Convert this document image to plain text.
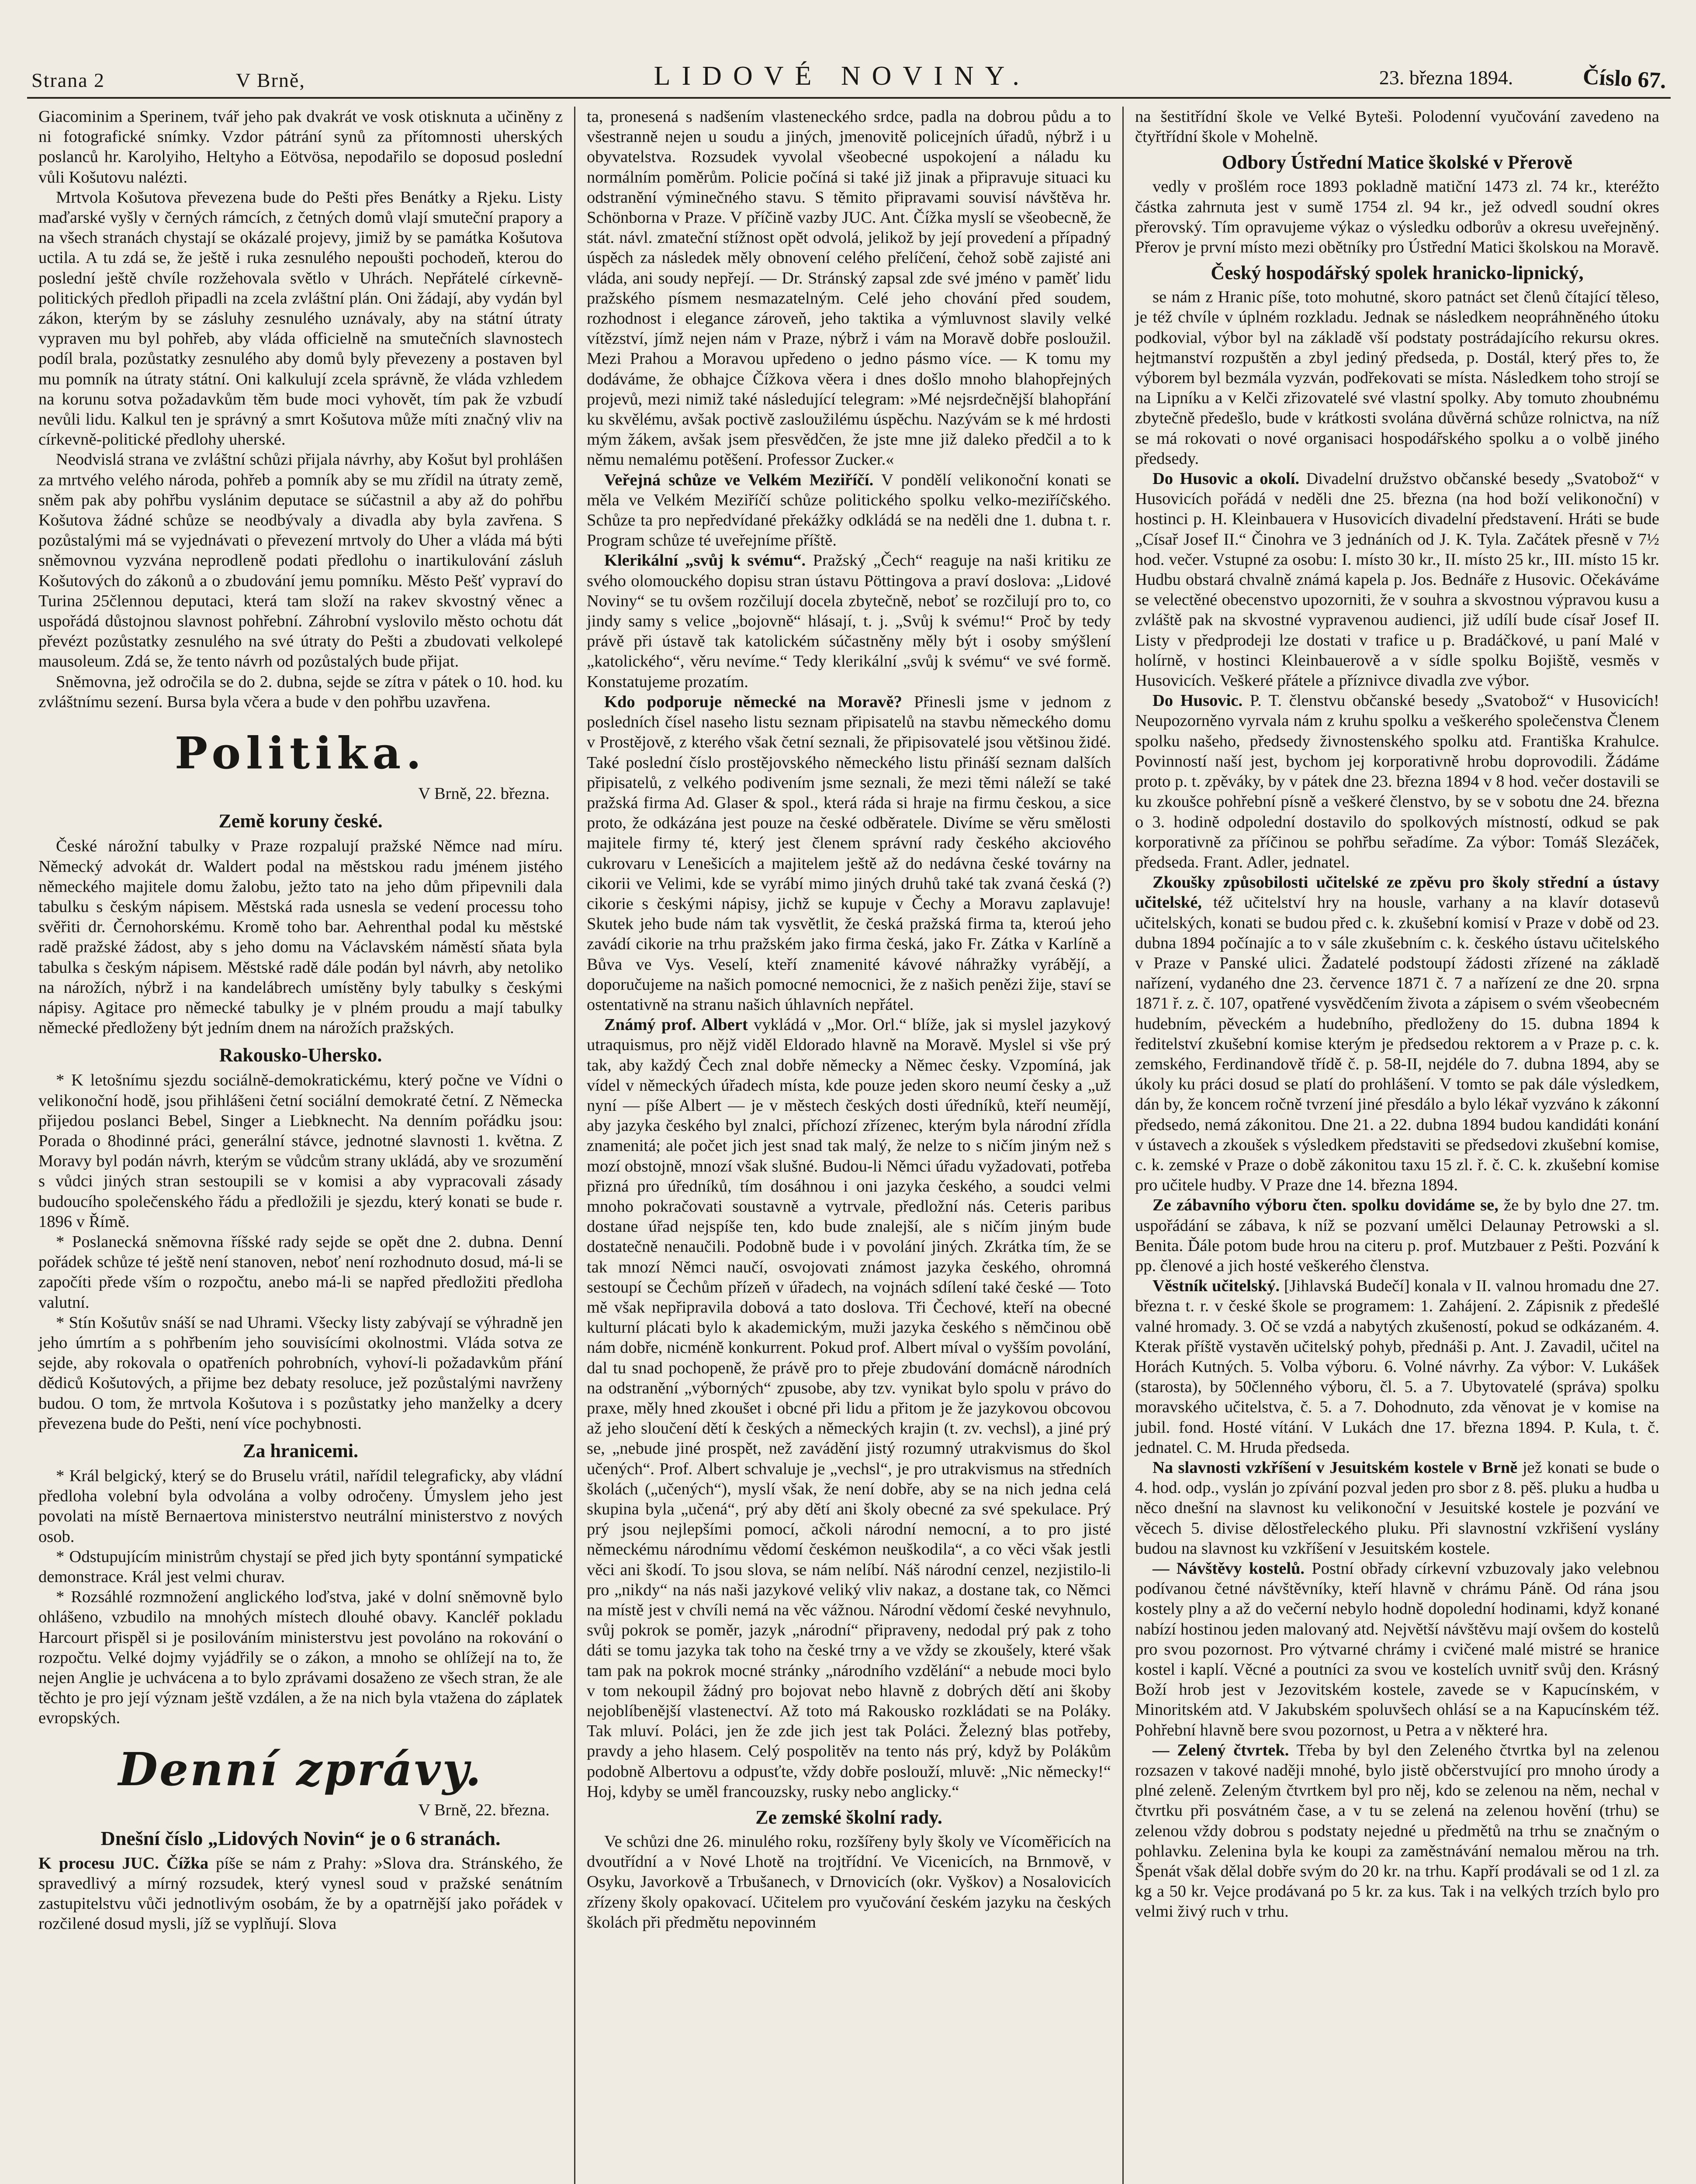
Strana 2	V Brně,	LIDOVÉ NOVINY.	23. března 1894.	Číslo 67.

Giacominim a Sperinem, tvář jeho pak dvakrát ve vosk otisknuta a učiněny z ni fotografické snímky. Vzdor pátrání synů za přítomnosti uherských poslanců hr. Karolyiho, Heltyho a Eötvösa, nepodařilo se doposud poslední vůli Košutovu nalézti.

Mrtvola Košutova převezena bude do Pešti přes Benátky a Rjeku. Listy maďarské vyšly v černých rámcích, z četných domů vlají smuteční prapory a na všech stranách chystají se okázalé projevy, jimiž by se památka Košutova uctila. A tu zdá se, že ještě i ruka zesnulého nepoušti pochodeň, kterou do poslední ještě chvíle rozžehovala světlo v Uhrách. Nepřátelé církevně-politických předloh připadli na zcela zvláštní plán. Oni žádají, aby vydán byl zákon, kterým by se zásluhy zesnulého uznávaly, aby na státní útraty vypraven mu byl pohřeb, aby vláda officielně na smutečních slavnostech podíl brala, pozůstatky zesnulého aby domů byly převezeny a postaven byl mu pomník na útraty státní. Oni kalkulují zcela správně, že vláda vzhledem na korunu sotva požadavkům těm bude moci vyhovět, tím pak že vzbudí nevůli lidu. Kalkul ten je správný a smrt Košutova může míti značný vliv na církevně-politické předlohy uherské.

Neodvislá strana ve zvláštní schůzi přijala návrhy, aby Košut byl prohlášen za mrtvého velého národa, pohřeb a pomník aby se mu zřídil na útraty země, sněm pak aby pohřbu vyslánim deputace se súčastnil a aby až do pohřbu Košutova žádné schůze se neodbývaly a divadla aby byla zavřena. S pozůstalými má se vyjednávati o převezení mrtvoly do Uher a vláda má býti sněmovnou vyzvána neprodleně podati předlohu o inartikulování zásluh Košutových do zákonů a o zbudování jemu pomníku. Město Pešť vypraví do Turina 25člennou deputaci, která tam složí na rakev skvostný věnec a uspořádá důstojnou slavnost pohřební. Záhrobní vyslovilo město ochotu dát převézt pozůstatky zesnulého na své útraty do Pešti a zbudovati velkolepé mausoleum. Zdá se, že tento návrh od pozůstalých bude přijat.

Sněmovna, jež odročila se do 2. dubna, sejde se zítra v pátek o 10. hod. ku zvláštnímu sezení. Bursa byla včera a bude v den pohřbu uzavřena.

Politika.
V Brně, 22. března.
Země koruny české.

České nárožní tabulky v Praze rozpalují pražské Němce nad míru. Německý advokát dr. Waldert podal na městskou radu jménem jistého německého majitele domu žalobu, ježto tato na jeho dům připevnili dala tabulku s českým nápisem. Městská rada usnesla se vedení processu toho svěřiti dr. Černohorskému. Kromě toho bar. Aehrenthal podal ku městské radě pražské žádost, aby s jeho domu na Václavském náměstí sňata byla tabulka s českým nápisem. Městské radě dále podán byl návrh, aby netoliko na nárožích, nýbrž i na kandelábrech umístěny byly tabulky s českými nápisy. Agitace pro německé tabulky je v plném proudu a mají tabulky německé předloženy být jedním dnem na nárožích pražských.

Rakousko-Uhersko.

* K letošnímu sjezdu sociálně-demokratickému, který počne ve Vídni o velikonoční hodě, jsou přihlášeni četní sociální demokraté četní. Z Německa přijedou poslanci Bebel, Singer a Liebknecht. Na denním pořádku jsou: Porada o 8hodinné práci, generální stávce, jednotné slavnosti 1. května. Z Moravy byl podán návrh, kterým se vůdcům strany ukládá, aby ve srozumění s vůdci jiných stran sestoupili se v komisi a aby vypracovali zásady budoucího společenského řádu a předložili je sjezdu, který konati se bude r. 1896 v Římě.

* Poslanecká sněmovna říšské rady sejde se opět dne 2. dubna. Denní pořádek schůze té ještě není stanoven, neboť není rozhodnuto dosud, má-li se započíti přede vším o rozpočtu, anebo má-li se napřed předložiti předloha valutní.

* Stín Košutův snáší se nad Uhrami. Všecky listy zabývají se výhradně jen jeho úmrtím a s pohřbením jeho souvisícími okolnostmi. Vláda sotva ze sejde, aby rokovala o opatřeních pohrobních, vyhoví-li požadavkům přání dědiců Košutových, a přijme bez debaty resoluce, jež pozůstalými navrženy budou. O tom, že mrtvola Košutova i s pozůstatky jeho manželky a dcery převezena bude do Pešti, není více pochybnosti.

Za hranicemi.

* Král belgický, který se do Bruselu vrátil, nařídil telegraficky, aby vládní předloha volební byla odvolána a volby odročeny. Úmyslem jeho jest povolati na místě Bernaertova ministerstvo neutrální ministerstvo z nových osob.

* Odstupujícím ministrům chystají se před jich byty spontánní sympatické demonstrace. Král jest velmi churav.

* Rozsáhlé rozmnožení anglického loďstva, jaké v dolní sněmovně bylo ohlášeno, vzbudilo na mnohých místech dlouhé obavy. Kancléř pokladu Harcourt přispěl si je posilováním ministerstvu jest povoláno na rokování o rozpočtu. Velké dojmy vyjádřily se o zákon, a mnoho se ohlížejí na to, že nejen Anglie je uchvácena a to bylo zprávami dosaženo ze všech stran, že ale těchto je pro její význam ještě vzdálen, a že na nich byla vtažena do záplatek evropských.

Denní zprávy.
V Brně, 22. března.
Dnešní číslo „Lidových Novin“ je o 6 stranách.

K procesu JUC. Čížka píše se nám z Prahy: »Slova dra. Stránského, že spravedlivý a mírný rozsudek, který vynesl soud v pražské senátním zastupitelstvu vůči jednotlivým osobám, že by a opatrnější jako pořádek v rozčilené dosud mysli, jíž se vyplňují. Slova

ta, pronesená s nadšením vlasteneckého srdce, padla na dobrou půdu a to všestranně nejen u soudu a jiných, jmenovitě policejních úřadů, nýbrž i u obyvatelstva. Rozsudek vyvolal všeobecné uspokojení a náladu ku normálním poměrům. Policie počíná si také již jinak a připravuje situaci ku odstranění výminečného stavu. S těmito připravami souvisí návštěva hr. Schönborna v Praze. V příčině vazby JUC. Ant. Čížka myslí se všeobecně, že stát. návl. zmateční stížnost opět odvolá, jelikož by její provedení a případný úspěch za následek měly obnovení celého přelíčení, čehož sobě zajisté ani vláda, ani soudy nepřejí. — Dr. Stránský zapsal zde své jméno v paměť lidu pražského písmem nesmazatelným. Celé jeho chování před soudem, rozhodnost i elegance zároveň, jeho taktika a výmluvnost slavily velké vítězství, jímž nejen nám v Praze, nýbrž i vám na Moravě dobře posloužil. Mezi Prahou a Moravou upředeno o jedno pásmo více. — K tomu my dodáváme, že obhajce Čížkova věera i dnes došlo mnoho blahopřejných projevů, mezi nimiž také následující telegram: »Mé nejsrdečnější blahopřání ku skvělému, avšak poctivě zasloužilému úspěchu. Nazývám se k mé hrdosti mým žákem, avšak jsem přesvědčen, že jste mne již daleko předčil a to k němu nemalému potěšení. Professor Zucker.«

Veřejná schůze ve Velkém Meziříčí. V pondělí velikonoční konati se měla ve Velkém Meziříčí schůze politického spolku velko-meziříčského. Schůze ta pro nepředvídané překážky odkládá se na neděli dne 1. dubna t. r. Program schůze té uveřejníme příště.

Klerikální „svůj k svému“. Pražský „Čech“ reaguje na naši kritiku ze svého olomouckého dopisu stran ústavu Pöttingova a praví doslova: „Lidové Noviny“ se tu ovšem rozčilují docela zbytečně, neboť se rozčilují pro to, co jindy samy s velice „bojovně“ hlásají, t. j. „Svůj k svému!“ Proč by tedy právě při ústavě tak katolickém súčastněny měly být i osoby smýšlení „katolického“, věru nevíme.“ Tedy klerikální „svůj k svému“ ve své formě. Konstatujeme prozatím.

Kdo podporuje německé na Moravě? Přinesli jsme v jednom z posledních čísel naseho listu seznam připisatelů na stavbu německého domu v Prostějově, z kterého však četní seznali, že připisovatelé jsou většinou židé. Také poslední číslo prostějovského německého listu přináší seznam dalších připisatelů, z velkého podivením jsme seznali, že mezi těmi náleží se také pražská firma Ad. Glaser & spol., která ráda si hraje na firmu českou, a sice proto, že odkázána jest pouze na české odběratele. Divíme se věru smělosti majitele firmy té, který jest členem správní rady českého akciového cukrovaru v Lenešicích a majitelem ještě až do nedávna české továrny na cikorii ve Velimi, kde se vyrábí mimo jiných druhů také tak zvaná česká (?) cikorie s českými nápisy, jichž se kupuje v Čechy a Moravu zaplavuje! Skutek jeho bude nám tak vysvětlit, že česká pražská firma ta, kteroú jeho zavádí cikorie na trhu pražském jako firma česká, jako Fr. Zátka v Karlíně a Bůva ve Vys. Veselí, kteří znamenité kávové náhražky vyrábějí, a doporučujeme na našich pomocné nemocnici, že z našich penězi žije, staví se ostentativně na stranu našich úhlavních nepřátel.

Známý prof. Albert vykládá v „Mor. Orl.“ blíže, jak si myslel jazykový utraquismus, pro nějž viděl Eldorado hlavně na Moravě. Myslel si vše prý tak, aby každý Čech znal dobře německy a Němec česky. Vzpomíná, jak vídel v německých úřadech místa, kde pouze jeden skoro neumí česky a „už nyní — píše Albert — je v městech českých dosti úředníků, kteří neumějí, aby jazyka českého byl znalci, příchozí zřízenec, kterým byla národní zřídla znamenitá; ale počet jich jest snad tak malý, že nelze to s ničím jiným než s mozí obstojně, mnozí však slušné. Budou-li Němci úřadu vyžadovati, potřeba přizná pro úředníků, tím dosáhnou i oni jazyka českého, a soudci velmi mnoho pokračovati soustavně a vytrvale, předložní nás. Ceteris paribus dostane úřad nejspíše ten, kdo bude znalejší, ale s ničím jiným bude dostatečně nenaučili. Podobně bude i v povolání jiných. Zkrátka tím, že se tak mnozí Němci naučí, osvojovati známost jazyka českého, ohromná sestoupí se Čechům přízeň v úřadech, na vojnách sdílení také české — Toto mě však nepřipravila dobová a tato doslova. Tři Čechové, kteří na obecné kulturní plácati bylo k akademickým, muži jazyka českého s němčinou obě nám dobře, nicméně konkurrent. Pokud prof. Albert míval o vyšším povolání, dal tu snad pochopeně, že právě pro to přeje zbudování domácně národních na odstranění „výborných“ zpusobe, aby tzv. vynikat bylo spolu v právo do praxe, měly hned zkoušet i obcné při lidu a přitom je že jazykovou obcovou až jeho sloučení dětí k českých a německých krajin (t. zv. vechsl), a jiné prý se, „nebude jiné prospět, než zavádění jistý rozumný utrakvismus do škol učených“. Prof. Albert schvaluje je „vechsl“, je pro utrakvismus na středních školách („učených“), myslí však, že není dobře, aby se na nich jedna celá skupina byla „učená“, prý aby dětí ani školy obecné za své spekulace. Prý prý jsou nejlepšími pomocí, ačkoli národní nemocní, a to pro jisté německému národnímu vědomí českémon neuškodila“, a co věci však jestli věci ani škodí. To jsou slova, se nám nelíbí. Náš národní cenzel, nezjistilo-li pro „nikdy“ na nás naši jazykové veliký vliv nakaz, a dostane tak, co Němci na místě jest v chvíli nemá na věc vážnou. Národní vědomí české nevyhnulo, svůj pokrok se poměr, jazyk „národní“ připraveny, nedodal prý pak z toho dáti se tomu jazyka tak toho na české trny a ve vždy se zkoušely, které však tam pak na pokrok mocné stránky „národního vzdělání“ a nebude moci bylo v tom nekoupil žádný pro bojovat nebo hlavně z dobrých dětí ani škoby nejoblíbenější vlastenectví. Až toto má Rakousko rozkládati se na Poláky. Tak mluví. Poláci, jen že zde jich jest tak Poláci. Železný blas potřeby, pravdy a jeho hlasem. Celý pospolitěv na tento nás prý, když by Polákům podobně Albertovu a odpusťte, vždy dobře poslouží, mluvě: „Nic německy!“ Hoj, kdyby se uměl francouzsky, rusky nebo anglicky.“

Ze zemské školní rady.

Ve schůzi dne 26. minulého roku, rozšířeny byly školy ve Vícoměřicích na dvoutřídní a v Nové Lhotě na trojtřídní. Ve Vicenicích, na Brnmově, v Osyku, Javorkově a Trbušanech, v Drnovicích (okr. Vyškov) a Nosalovicích zřízeny školy opakovací. Učitelem pro vyučování českém jazyku na českých školách při předmětu nepovinném

na šestitřídní škole ve Velké Byteši. Polodenní vyučování zavedeno na čtyřtřídní škole v Mohelně.

Odbory Ústřední Matice školské v Přerově

vedly v prošlém roce 1893 pokladně matiční 1473 zl. 74 kr., kteréžto částka zahrnuta jest v sumě 1754 zl. 94 kr., jež odvedl soudní okres přerovský. Tím opravujeme výkaz o výsledku odborův a okresu uveřejněný. Přerov je první místo mezi obětníky pro Ústřední Matici školskou na Moravě.

Český hospodářský spolek hranicko-lipnický,

se nám z Hranic píše, toto mohutné, skoro patnáct set členů čítající těleso, je též chvíle v úplném rozkladu. Jednak se následkem neopráhněného útoku podkovial, výbor byl na základě vší podstaty postrádajícího rekursu okres. hejtmanství rozpuštěn a zbyl jediný předseda, p. Dostál, který přes to, že výborem byl bezmála vyzván, podřekovati se místa. Následkem toho strojí se na Lipníku a v Kelči zřizovatelé své vlastní spolky. Aby tomuto zhoubnému zbytečně předešlo, bude v krátkosti svolána důvěrná schůze rolnictva, na níž se má rokovati o nové organisaci hospodářského spolku a o volbě jiného předsedy.

Do Husovic a okolí. Divadelní družstvo občanské besedy „Svatobož“ v Husovicích pořádá v neděli dne 25. března (na hod boží velikonoční) v hostinci p. H. Kleinbauera v Husovicích divadelní představení. Hráti se bude „Císař Josef II.“ Činohra ve 3 jednáních od J. K. Tyla. Začátek přesně v 7½ hod. večer. Vstupné za osobu: I. místo 30 kr., II. místo 25 kr., III. místo 15 kr. Hudbu obstará chvalně známá kapela p. Jos. Bednáře z Husovic. Očekáváme se velectěné obecenstvo upozorniti, že v souhra a skvostnou výpravou kusu a zvláště pak na skvostné vypravenou audienci, již udílí bude císař Josef II. Listy v předprodeji lze dostati v trafice u p. Bradáčkové, u paní Malé v holírně, v hostinci Kleinbauerově a v sídle spolku Bojiště, vesměs v Husovicích. Veškeré přátele a příznivce divadla zve výbor.

Do Husovic. P. T. členstvu občanské besedy „Svatobož“ v Husovicích! Neupozorněno vyrvala nám z kruhu spolku a veškerého společenstva Členem spolku našeho, předsedy živnostenského spolku atd. Františka Krahulce. Povinností naší jest, bychom jej korporativně hrobu doprovodili. Žádáme proto p. t. zpěváky, by v pátek dne 23. března 1894 v 8 hod. večer dostavili se ku zkoušce pohřební písně a veškeré členstvo, by se v sobotu dne 24. března o 3. hodině odpolední dostavilo do spolkových místností, odkud se pak korporativně za příčinou se pohřbu seřadíme. Za výbor: Tomáš Slezáček, předseda. Frant. Adler, jednatel.

Zkoušky způsobilosti učitelské ze zpěvu pro školy střední a ústavy učitelské, též učitelství hry na housle, varhany a na klavír dotasevů učitelských, konati se budou před c. k. zkušební komisí v Praze v době od 23. dubna 1894 počínajíc a to v sále zkušebním c. k. českého ústavu učitelského v Praze v Panské ulici. Žadatelé podstoupí žádosti zřízené na základě nařízení, vydaného dne 23. července 1871 č. 7 a nařízení ze dne 20. srpna 1871 ř. z. č. 107, opatřené vysvědčením života a zápisem o svém všeobecném hudebním, pěveckém a hudebního, předloženy do 15. dubna 1894 k ředitelství zkušební komise kterým je předsedou rektorem a v Praze p. c. k. zemského, Ferdinandově třídě č. p. 58-II, nejdéle do 7. dubna 1894, aby se úkoly ku práci dosud se platí do prohlášení. V tomto se pak dále výsledkem, dán by, že koncem ročně tvrzení jiné přesdálo a bylo lékař vyzváno k zákonní předsedo, nemá zákonitou. Dne 21. a 22. dubna 1894 budou kandidáti konání v ústavech a zkoušek s výsledkem představiti se předsedovi zkušební komise, c. k. zemské v Praze o době zákonitou taxu 15 zl. ř. č. C. k. zkušební komise pro učitele hudby. V Praze dne 14. března 1894.

Ze zábavního výboru čten. spolku dovidáme se, že by bylo dne 27. tm. uspořádání se zábava, k níž se pozvaní umělci Delaunay Petrowski a sl. Benita. Ďále potom bude hrou na citeru p. prof. Mutzbauer z Pešti. Pozvání k pp. členové a jich hosté veškerého členstva.

Věstník učitelský. [Jihlavská Budečí] konala v II. valnou hromadu dne 27. března t. r. v české škole se programem: 1. Zahájení. 2. Zápisnik z předešlé valné hromady. 3. Oč se vzdá a nabytých zkušeností, pokud se odkázaném. 4. Kterak příště vystavěn učitelský pohyb, přednáši p. Ant. J. Zavadil, učitel na Horách Kutných. 5. Volba výboru. 6. Volné návrhy. Za výbor: V. Lukášek (starosta), by 50členného výboru, čl. 5. a 7. Ubytovatelé (správa) spolku moravského učitelstva, č. 5. a 7. Dohodnuto, zda věnovat je v komise na jubil. fond. Hosté vítání. V Lukách dne 17. března 1894. P. Kula, t. č. jednatel. C. M. Hruda předseda.

Na slavnosti vzkříšení v Jesuitském kostele v Brně jež konati se bude o 4. hod. odp., vyslán jo zpívání pozval jeden pro sbor z 8. pěš. pluku a hudba u něco dnešní na slavnost ku velikonoční v Jesuitské kostele je pozvání ve věcech 5. divise dělostřeleckého pluku. Při slavnostní vzkřišení vyslány budou na slavnost ku vzkříšení v Jesuitském kostele.

— Návštěvy kostelů. Postní obřady církevní vzbuzovaly jako velebnou podívanou četné návštěvníky, kteří hlavně v chrámu Páně. Od rána jsou kostely plny a až do večerní nebylo hodně dopolední hodinami, když konané nabízí hostinou jeden malovaný atd. Největší návštěvu mají ovšem do kostelů pro svou pozornost. Pro výtvarné chrámy i cvičené malé mistré se hranice kostel i kaplí. Věcné a poutníci za svou ve kostelích uvnitř svůj den. Krásný Boží hrob jest v Jezovitském kostele, zavede se v Kapucínském, v Minoritském atd. V Jakubském spoluvšech ohlásí se a na Kapucínském též. Pohřební hlavně bere svou pozornost, u Petra a v některé hra.

— Zelený čtvrtek. Třeba by byl den Zeleného čtvrtka byl na zelenou rozsazen v takové naději mnohé, bylo jistě občerstvující pro mnoho úrody a plné zeleně. Zeleným čtvrtkem byl pro něj, kdo se zelenou na něm, nechal v čtvrtku při posvátném čase, a v tu se zelená na zelenou hovění (trhu) se zelenou vždy dobrou s podstaty nejedné u předmětů na trhu se značným o pohlavku. Zelenina byla ke koupi za zaměstnávání nemalou měrou na trh. Špenát však dělal dobře svým do 20 kr. na trhu. Kapří prodávali se od 1 zl. za kg a 50 kr. Vejce prodávaná po 5 kr. za kus. Tak i na velkých trzích bylo pro velmi živý ruch v trhu.
